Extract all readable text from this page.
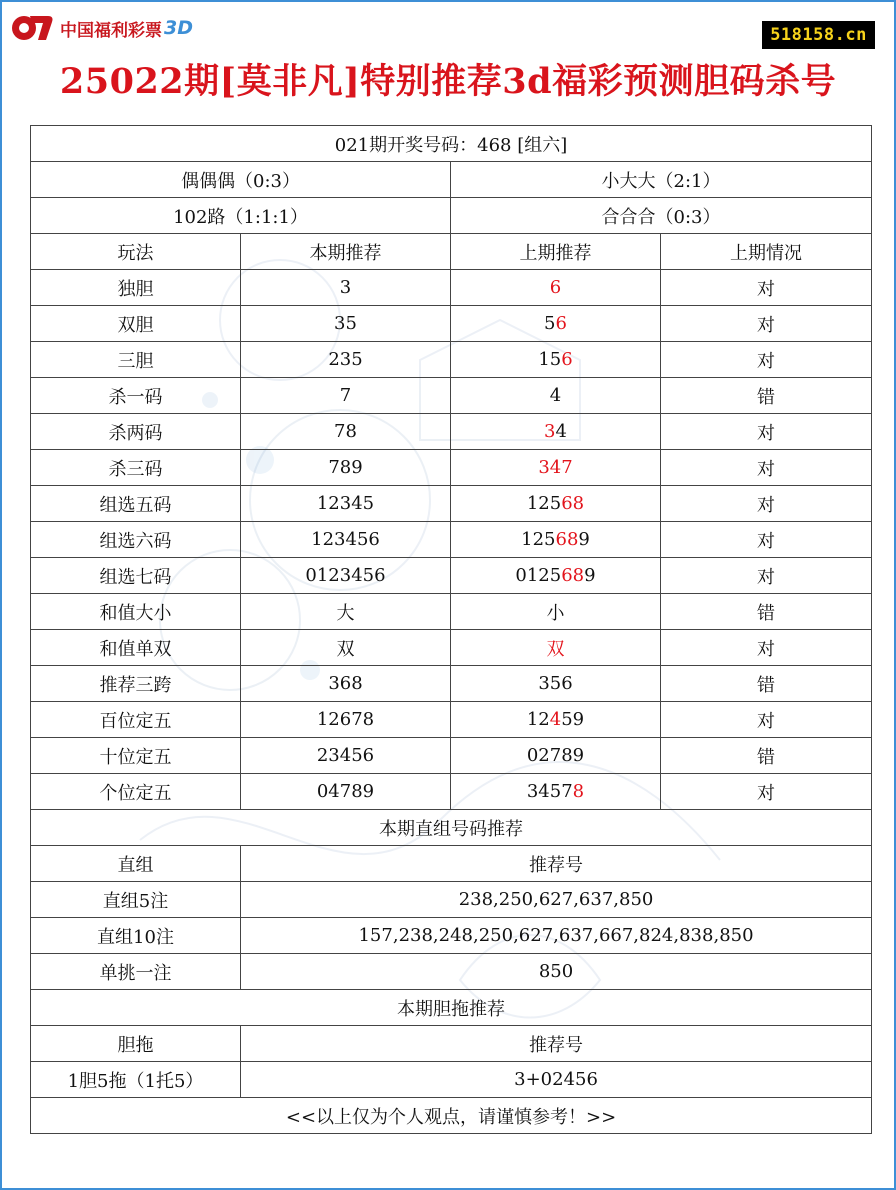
中国福利彩票 3D	518158.cn
25022期[莫非凡]特别推荐3d福彩预测胆码杀号
021期开奖号码：468 [组六]			
偶偶偶（0:3）		小大大（2:1）	
102路（1:1:1）		合合合（0:3）	
玩法	本期推荐	上期推荐	上期情况
独胆	3	6	对
双胆	35	56	对
三胆	235	156	对
杀一码	7	4	错
杀两码	78	34	对
杀三码	789	347	对
组选五码	12345	12568	对
组选六码	123456	125689	对
组选七码	0123456	0125689	对
和值大小	大	小	错
和值单双	双	双	对
推荐三跨	368	356	错
百位定五	12678	12459	对
十位定五	23456	02789	错
个位定五	04789	34578	对
本期直组号码推荐			
直组	推荐号		
直组5注	238,250,627,637,850		
直组10注	157,238,248,250,627,637,667,824,838,850		
单挑一注	850		
本期胆拖推荐			
胆拖	推荐号		
1胆5拖（1托5）	3+02456		
<<以上仅为个人观点，请谨慎参考！>>			
